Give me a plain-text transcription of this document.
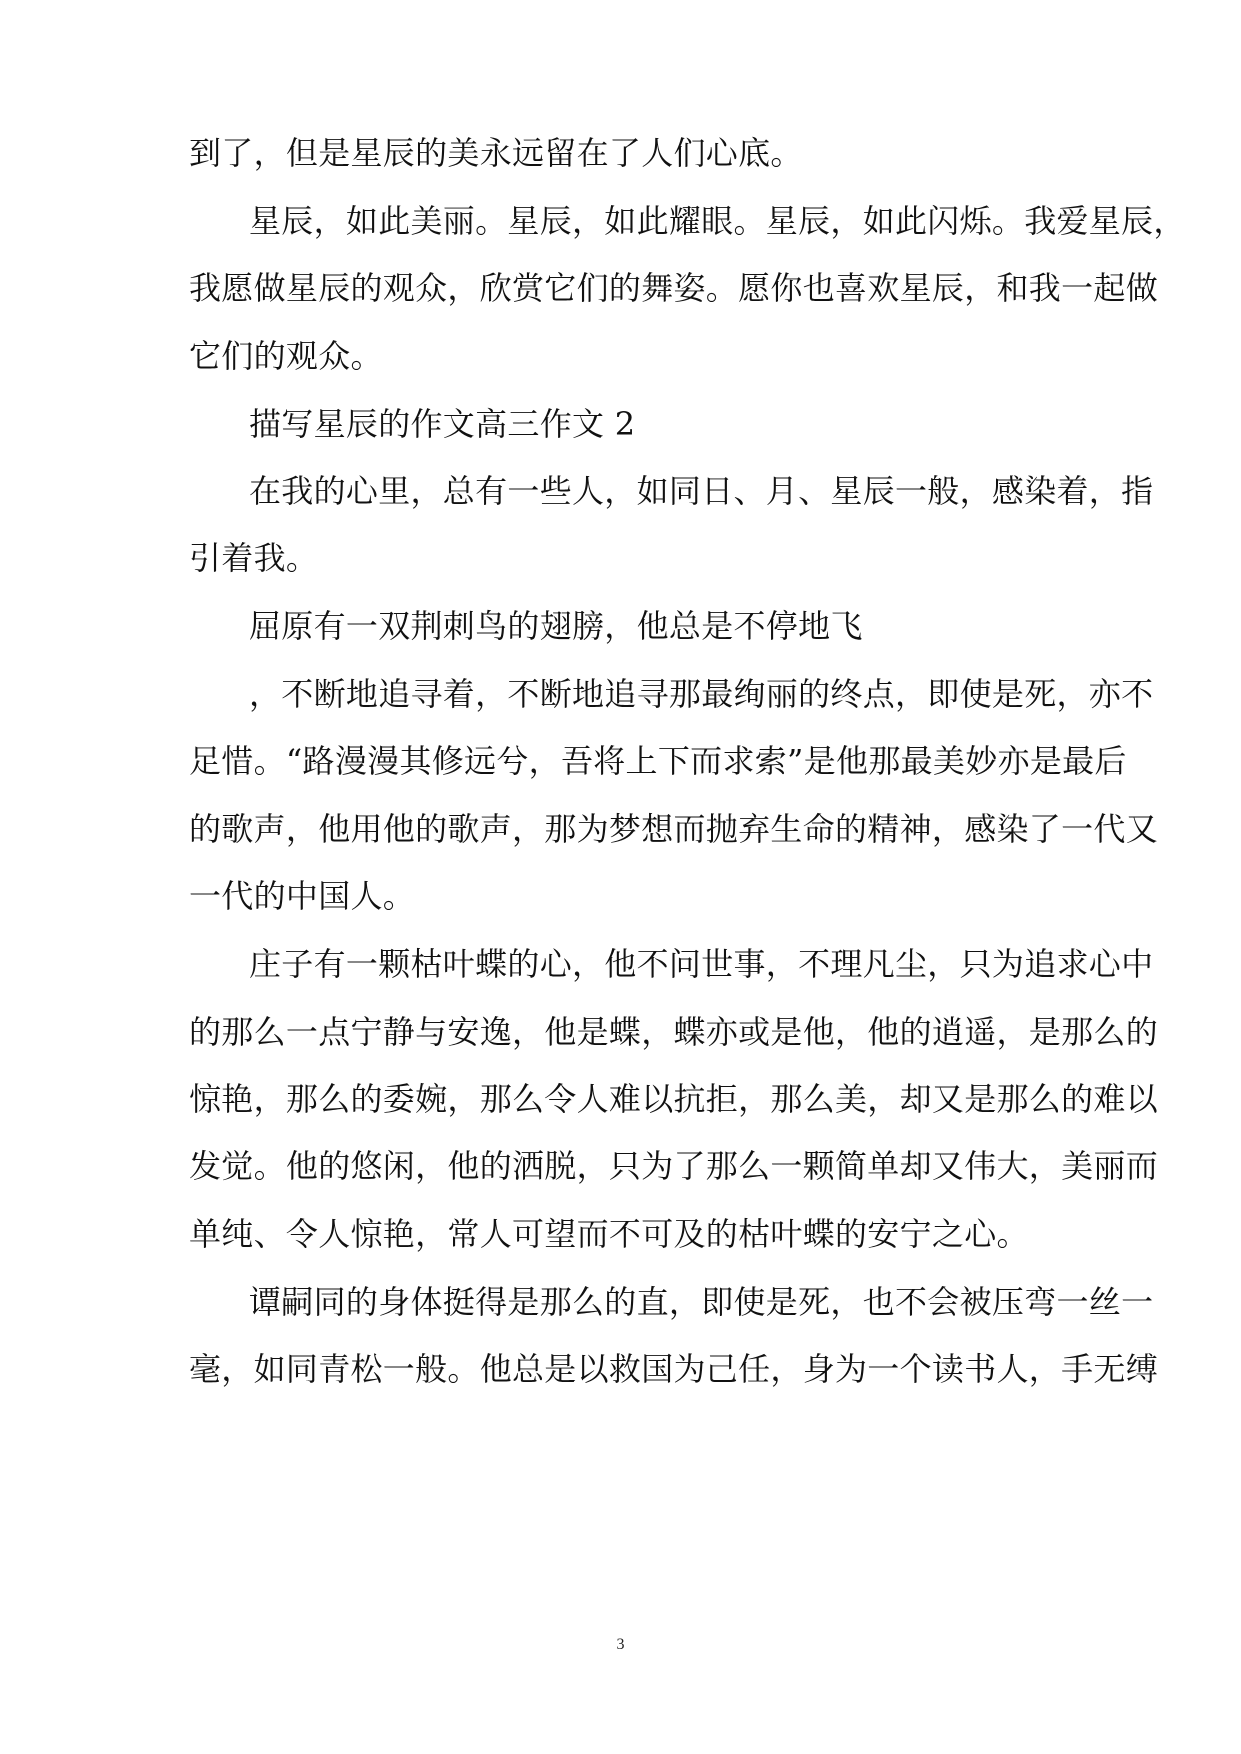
到了，但是星辰的美永远留在了人们心底。
星辰，如此美丽。星辰，如此耀眼。星辰，如此闪烁。我爱星辰，
我愿做星辰的观众，欣赏它们的舞姿。愿你也喜欢星辰，和我一起做
它们的观众。
描写星辰的作文高三作文 2
在我的心里，总有一些人，如同日、月、星辰一般，感染着，指
引着我。
屈原有一双荆刺鸟的翅膀，他总是不停地飞
，不断地追寻着，不断地追寻那最绚丽的终点，即使是死，亦不
足惜。“路漫漫其修远兮，吾将上下而求索”是他那最美妙亦是最后
的歌声，他用他的歌声，那为梦想而抛弃生命的精神，感染了一代又
一代的中国人。
庄子有一颗枯叶蝶的心，他不问世事，不理凡尘，只为追求心中
的那么一点宁静与安逸，他是蝶，蝶亦或是他，他的逍遥，是那么的
惊艳，那么的委婉，那么令人难以抗拒，那么美，却又是那么的难以
发觉。他的悠闲，他的洒脱，只为了那么一颗简单却又伟大，美丽而
单纯、令人惊艳，常人可望而不可及的枯叶蝶的安宁之心。
谭嗣同的身体挺得是那么的直，即使是死，也不会被压弯一丝一
毫，如同青松一般。他总是以救国为己任，身为一个读书人，手无缚
3
